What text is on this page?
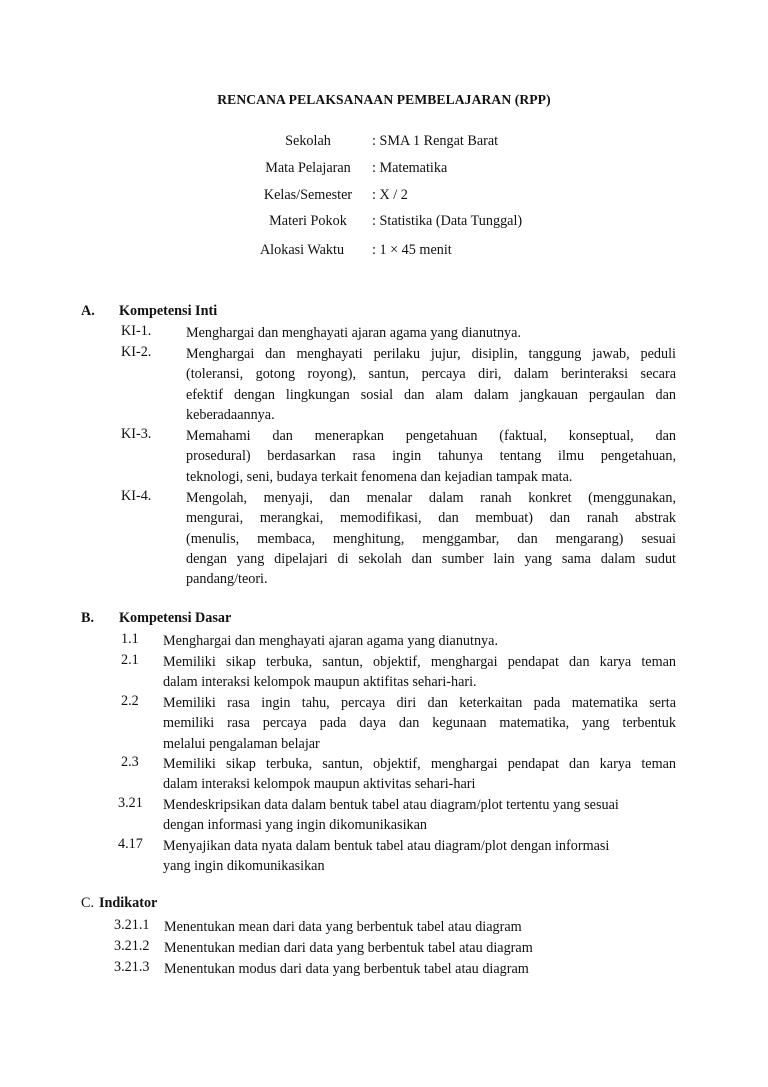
RENCANA PELAKSANAAN PEMBELAJARAN (RPP)
Sekolah	: SMA 1 Rengat Barat
Mata Pelajaran	: Matematika
Kelas/Semester	: X / 2
Materi Pokok	: Statistika (Data Tunggal)
Alokasi Waktu	: 1 × 45 menit
A. Kompetensi Inti
KI-1. Menghargai dan menghayati ajaran agama yang dianutnya.
KI-2. Menghargai dan menghayati perilaku jujur, disiplin, tanggung jawab, peduli
(toleransi, gotong royong), santun, percaya diri, dalam berinteraksi secara
efektif dengan lingkungan sosial dan alam dalam jangkauan pergaulan dan
keberadaannya.
KI-3. Memahami dan menerapkan pengetahuan (faktual, konseptual, dan
prosedural) berdasarkan rasa ingin tahunya tentang ilmu pengetahuan,
teknologi, seni, budaya terkait fenomena dan kejadian tampak mata.
KI-4. Mengolah, menyaji, dan menalar dalam ranah konkret (menggunakan,
mengurai, merangkai, memodifikasi, dan membuat) dan ranah abstrak
(menulis, membaca, menghitung, menggambar, dan mengarang) sesuai
dengan yang dipelajari di sekolah dan sumber lain yang sama dalam sudut
pandang/teori.
B. Kompetensi Dasar
1.1 Menghargai dan menghayati ajaran agama yang dianutnya.
2.1 Memiliki sikap terbuka, santun, objektif, menghargai pendapat dan karya teman
dalam interaksi kelompok maupun aktifitas sehari-hari.
2.2 Memiliki rasa ingin tahu, percaya diri dan keterkaitan pada matematika serta
memiliki rasa percaya pada daya dan kegunaan matematika, yang terbentuk
melalui pengalaman belajar
2.3 Memiliki sikap terbuka, santun, objektif, menghargai pendapat dan karya teman
dalam interaksi kelompok maupun aktivitas sehari-hari
3.21 Mendeskripsikan data dalam bentuk tabel atau diagram/plot tertentu yang sesuai
dengan informasi yang ingin dikomunikasikan
4.17 Menyajikan data nyata dalam bentuk tabel atau diagram/plot dengan informasi
yang ingin dikomunikasikan
C. Indikator
3.21.1 Menentukan mean dari data yang berbentuk tabel atau diagram
3.21.2 Menentukan median dari data yang berbentuk tabel atau diagram
3.21.3 Menentukan modus dari data yang berbentuk tabel atau diagram
